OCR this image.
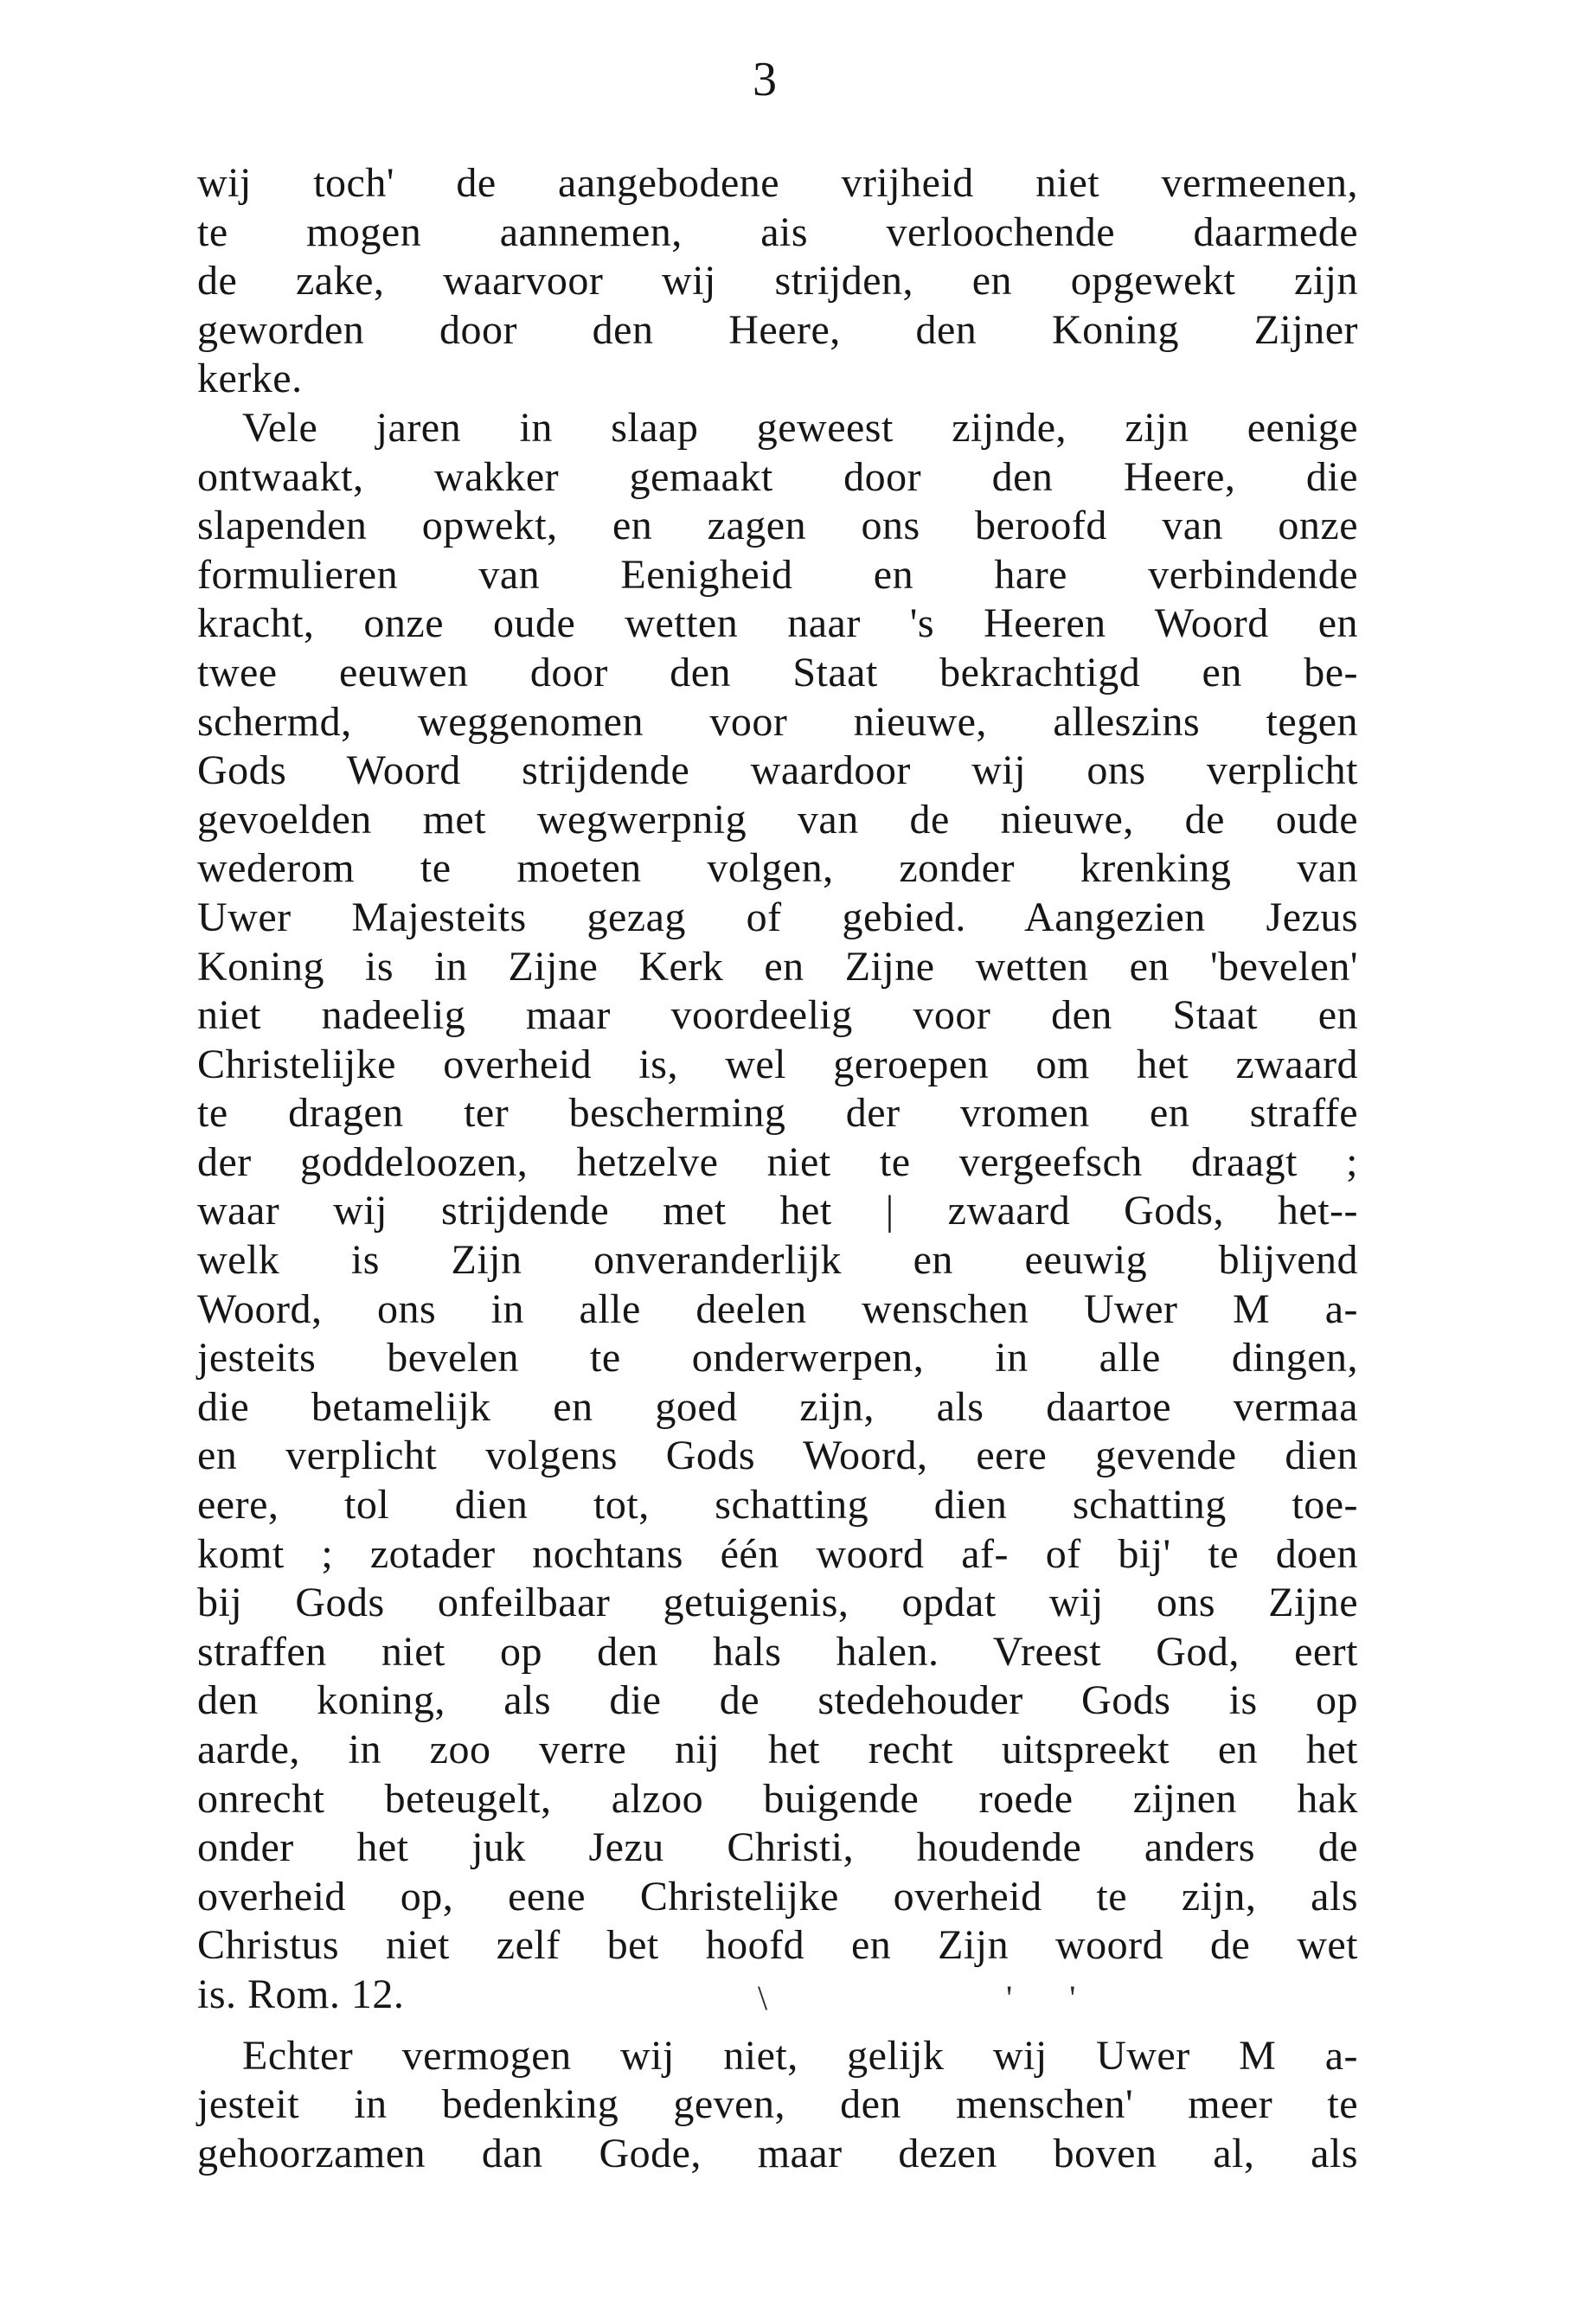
3
wij toch' de aangebodene vrijheid niet vermeenen,
te mogen aannemen, ais verloochende daarmede
de zake, waarvoor wij strijden, en opgewekt zijn
geworden door den Heere, den Koning Zijner
kerke.
Vele jaren in slaap geweest zijnde, zijn eenige
ontwaakt, wakker gemaakt door den Heere, die
slapenden opwekt, en zagen ons beroofd van onze
formulieren van Eenigheid en hare verbindende
kracht, onze oude wetten naar 's Heeren Woord en
twee eeuwen door den Staat bekrachtigd en be-
schermd, weggenomen voor nieuwe, alleszins tegen
Gods Woord strijdende waardoor wij ons verplicht
gevoelden met wegwerpnig van de nieuwe, de oude
wederom te moeten volgen, zonder krenking van
Uwer Majesteits gezag of gebied. Aangezien Jezus
Koning is in Zijne Kerk en Zijne wetten en 'bevelen'
niet nadeelig maar voordeelig voor den Staat en
Christelijke overheid is, wel geroepen om het zwaard
te dragen ter bescherming der vromen en straffe
der goddeloozen, hetzelve niet te vergeefsch draagt ;
waar wij strijdende met het | zwaard Gods, het--
welk is Zijn onveranderlijk en eeuwig blijvend
Woord, ons in alle deelen wenschen Uwer M a-
jesteits bevelen te onderwerpen, in alle dingen,
die betamelijk en goed zijn, als daartoe vermaa
en verplicht volgens Gods Woord, eere gevende dien
eere, tol dien tot, schatting dien schatting toe-
komt ; zotader nochtans één woord af- of bij' te doen
bij Gods onfeilbaar getuigenis, opdat wij ons Zijne
straffen niet op den hals halen. Vreest God, eert
den koning, als die de stedehouder Gods is op
aarde, in zoo verre nij het recht uitspreekt en het
onrecht beteugelt, alzoo buigende roede zijnen hak
onder het juk Jezu Christi, houdende anders de
overheid op, eene Christelijke overheid te zijn, als
Christus niet zelf bet hoofd en Zijn woord de wet
is. Rom. 12.	\	' '
Echter vermogen wij niet, gelijk wij Uwer M a-
jesteit in bedenking geven, den menschen' meer te
gehoorzamen dan Gode, maar dezen boven al, als
